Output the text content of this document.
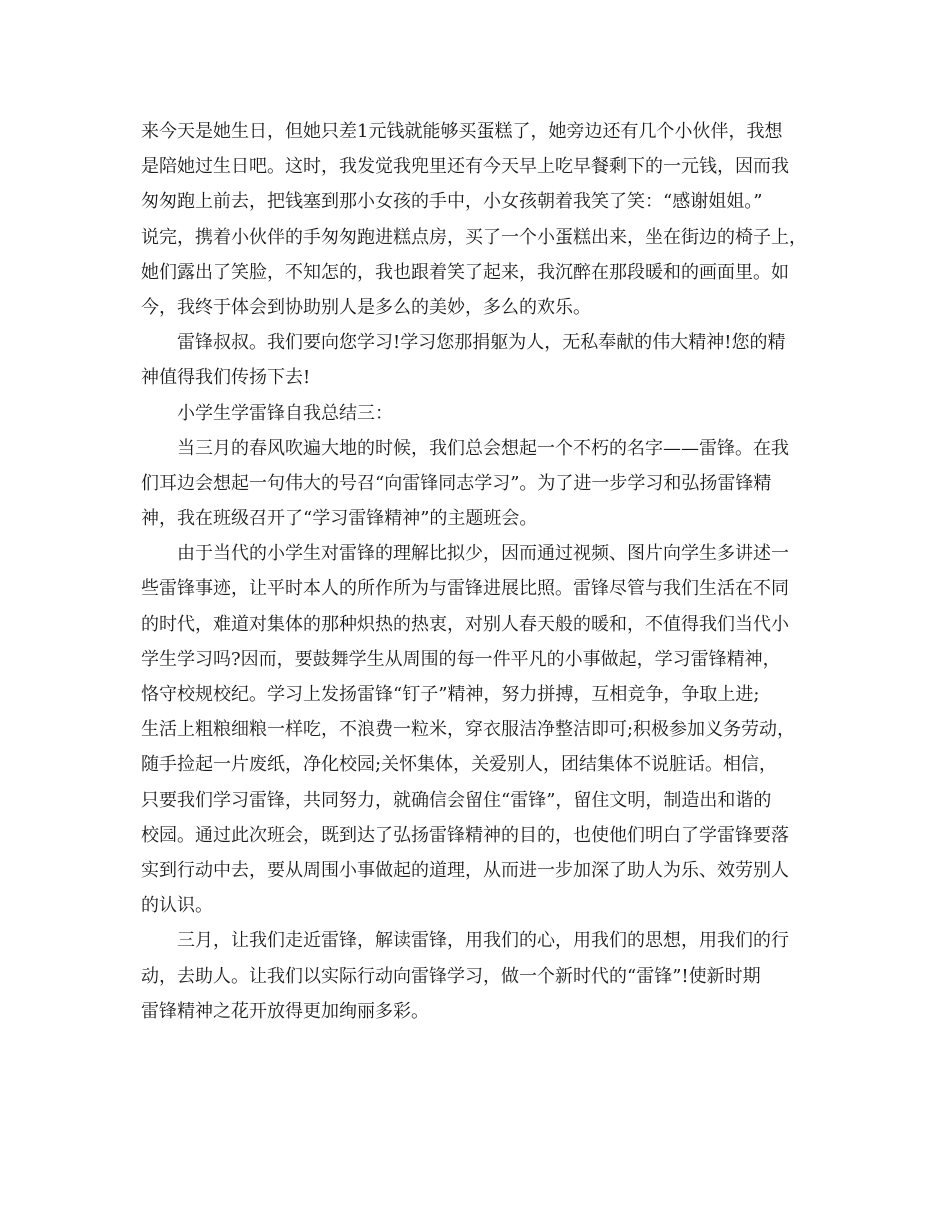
来今天是她生日，但她只差1元钱就能够买蛋糕了，她旁边还有几个小伙伴，我想
是陪她过生日吧。这时，我发觉我兜里还有今天早上吃早餐剩下的一元钱，因而我
匆匆跑上前去，把钱塞到那小女孩的手中，小女孩朝着我笑了笑：“感谢姐姐。”
说完，携着小伙伴的手匆匆跑进糕点房，买了一个小蛋糕出来，坐在街边的椅子上，
她们露出了笑脸，不知怎的，我也跟着笑了起来，我沉醉在那段暖和的画面里。如
今，我终于体会到协助别人是多么的美妙，多么的欢乐。
雷锋叔叔。我们要向您学习!学习您那捐躯为人，无私奉献的伟大精神!您的精
神值得我们传扬下去!
小学生学雷锋自我总结三：
当三月的春风吹遍大地的时候，我们总会想起一个不朽的名字——雷锋。在我
们耳边会想起一句伟大的号召“向雷锋同志学习”。为了进一步学习和弘扬雷锋精
神，我在班级召开了“学习雷锋精神”的主题班会。
由于当代的小学生对雷锋的理解比拟少，因而通过视频、图片向学生多讲述一
些雷锋事迹，让平时本人的所作所为与雷锋进展比照。雷锋尽管与我们生活在不同
的时代，难道对集体的那种炽热的热衷，对别人春天般的暖和，不值得我们当代小
学生学习吗?因而，要鼓舞学生从周围的每一件平凡的小事做起，学习雷锋精神，
恪守校规校纪。学习上发扬雷锋“钉子”精神，努力拼搏，互相竞争，争取上进;
生活上粗粮细粮一样吃，不浪费一粒米，穿衣服洁净整洁即可;积极参加义务劳动，
随手捡起一片废纸，净化校园;关怀集体，关爱别人，团结集体不说脏话。相信，
只要我们学习雷锋，共同努力，就确信会留住“雷锋”，留住文明，制造出和谐的
校园。通过此次班会，既到达了弘扬雷锋精神的目的，也使他们明白了学雷锋要落
实到行动中去，要从周围小事做起的道理，从而进一步加深了助人为乐、效劳别人
的认识。
三月，让我们走近雷锋，解读雷锋，用我们的心，用我们的思想，用我们的行
动，去助人。让我们以实际行动向雷锋学习，做一个新时代的“雷锋”!使新时期
雷锋精神之花开放得更加绚丽多彩。
